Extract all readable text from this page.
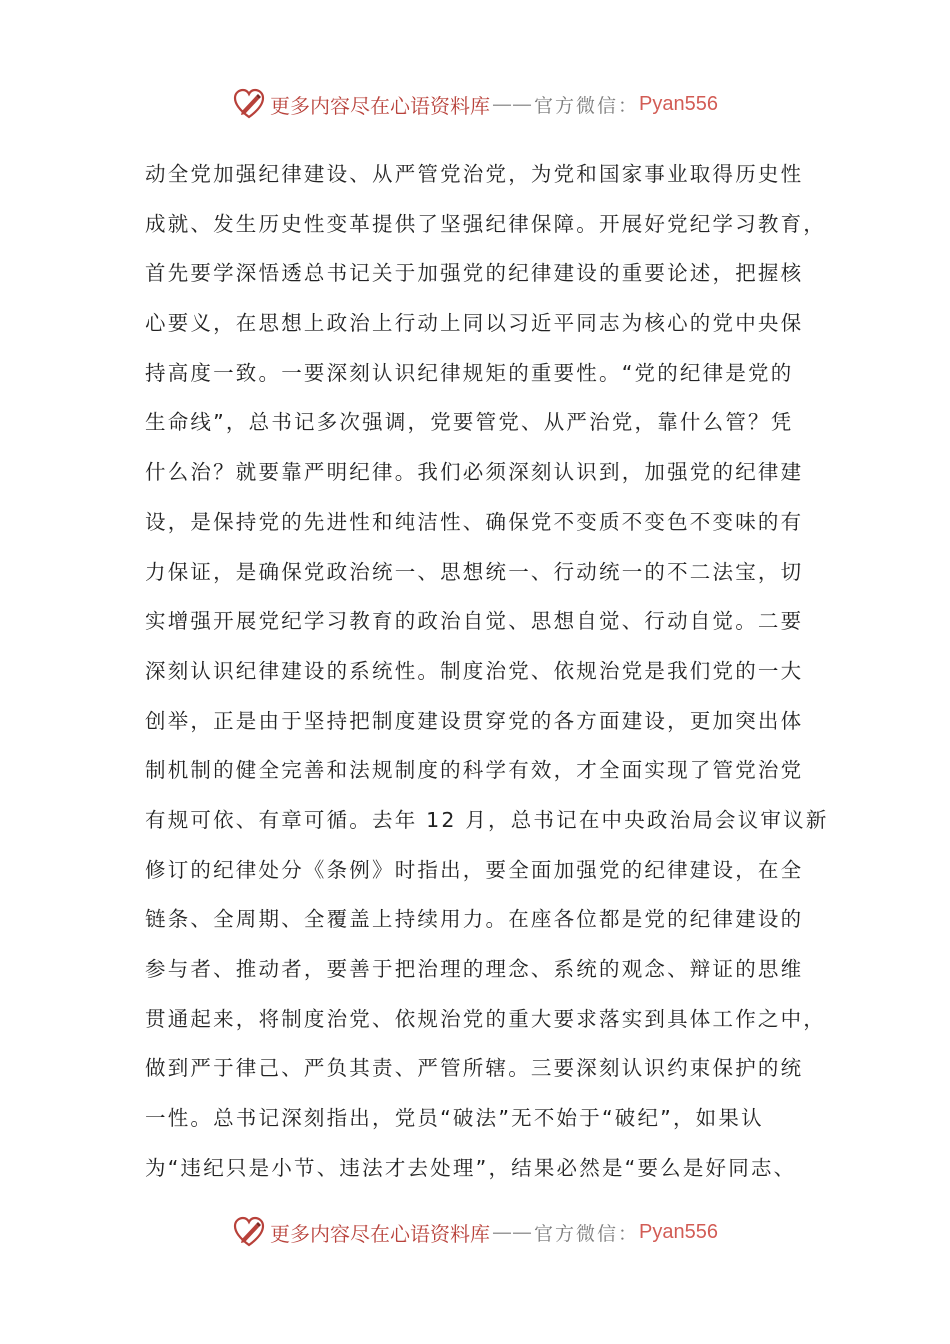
更多内容尽在心语资料库 —— 官方微信： Pyan556
动全党加强纪律建设、从严管党治党，为党和国家事业取得历史性
成就、发生历史性变革提供了坚强纪律保障。开展好党纪学习教育，
首先要学深悟透总书记关于加强党的纪律建设的重要论述，把握核
心要义，在思想上政治上行动上同以习近平同志为核心的党中央保
持高度一致。一要深刻认识纪律规矩的重要性。“党的纪律是党的
生命线”，总书记多次强调，党要管党、从严治党，靠什么管？凭
什么治？就要靠严明纪律。我们必须深刻认识到，加强党的纪律建
设，是保持党的先进性和纯洁性、确保党不变质不变色不变味的有
力保证，是确保党政治统一、思想统一、行动统一的不二法宝，切
实增强开展党纪学习教育的政治自觉、思想自觉、行动自觉。二要
深刻认识纪律建设的系统性。制度治党、依规治党是我们党的一大
创举，正是由于坚持把制度建设贯穿党的各方面建设，更加突出体
制机制的健全完善和法规制度的科学有效，才全面实现了管党治党
有规可依、有章可循。去年 12 月，总书记在中央政治局会议审议新
修订的纪律处分《条例》时指出，要全面加强党的纪律建设，在全
链条、全周期、全覆盖上持续用力。在座各位都是党的纪律建设的
参与者、推动者，要善于把治理的理念、系统的观念、辩证的思维
贯通起来，将制度治党、依规治党的重大要求落实到具体工作之中，
做到严于律己、严负其责、严管所辖。三要深刻认识约束保护的统
一性。总书记深刻指出，党员“破法”无不始于“破纪”，如果认
为“违纪只是小节、违法才去处理”，结果必然是“要么是好同志、
更多内容尽在心语资料库 —— 官方微信： Pyan556
